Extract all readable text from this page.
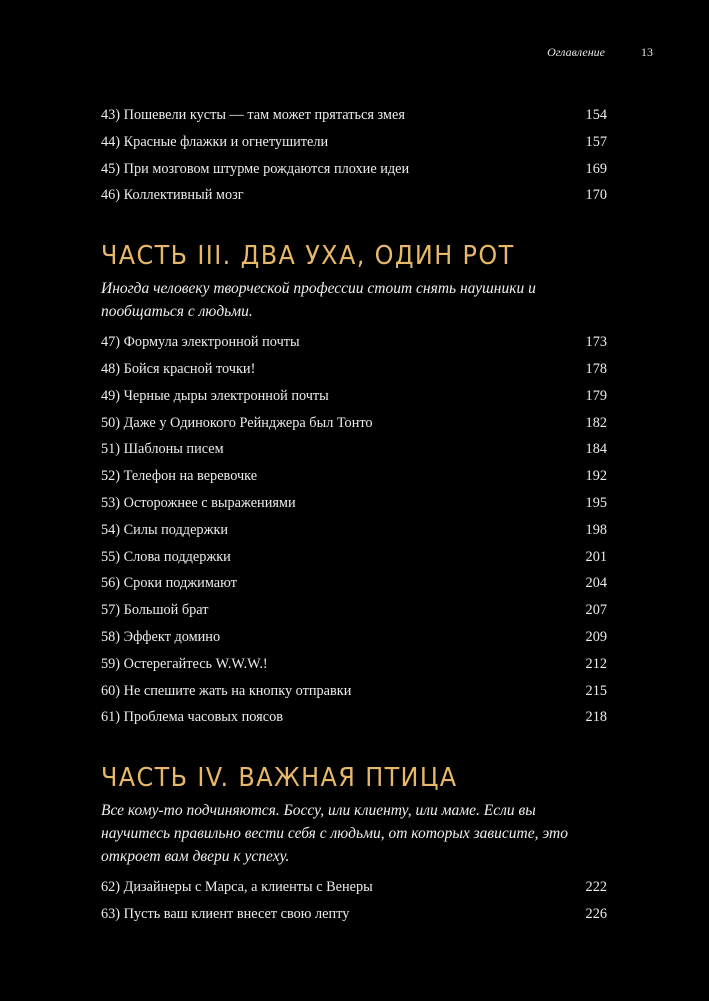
Оглавление	13
43) Пошевели кусты — там может прятаться змея	154
44) Красные флажки и огнетушители	157
45) При мозговом штурме рождаются плохие идеи	169
46) Коллективный мозг	170
ЧАСТЬ III. ДВА УХА, ОДИН РОТ

Иногда человеку творческой профессии стоит снять наушники и пообщаться с людьми.

47) Формула электронной почты	173
48) Бойся красной точки!	178
49) Черные дыры электронной почты	179
50) Даже у Одинокого Рейнджера был Тонто	182
51) Шаблоны писем	184
52) Телефон на веревочке	192
53) Осторожнее с выражениями	195
54) Силы поддержки	198
55) Слова поддержки	201
56) Сроки поджимают	204
57) Большой брат	207
58) Эффект домино	209
59) Остерегайтесь W.W.W.!	212
60) Не спешите жать на кнопку отправки	215
61) Проблема часовых поясов	218
ЧАСТЬ IV. ВАЖНАЯ ПТИЦА

Все кому-то подчиняются. Боссу, или клиенту, или маме. Если вы научитесь правильно вести себя с людьми, от которых зависите, это откроет вам двери к успеху.

62) Дизайнеры с Марса, а клиенты с Венеры	222
63) Пусть ваш клиент внесет свою лепту	226
